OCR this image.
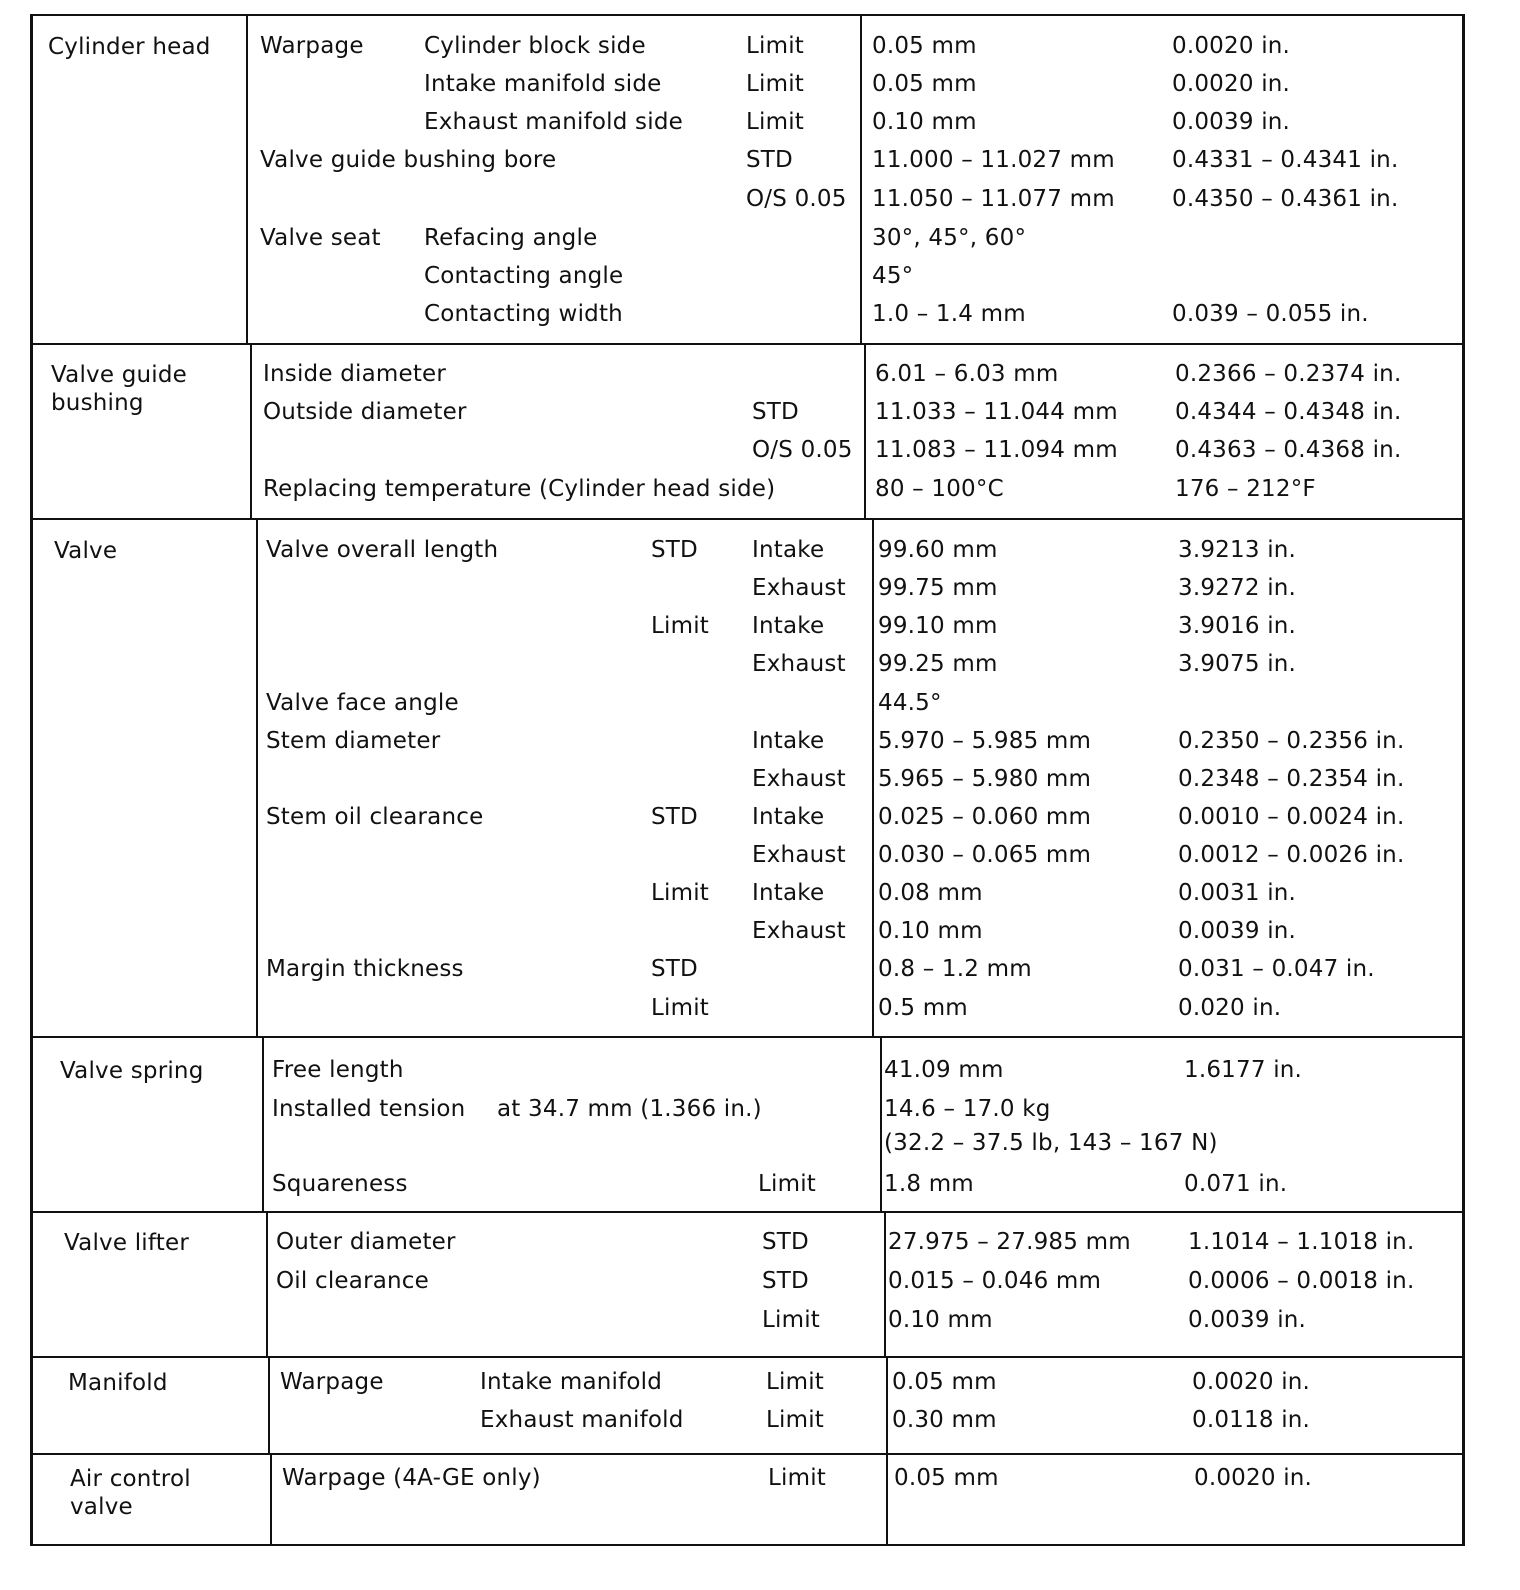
Cylinder head Warpage	Cylinder block side	Limit	0.05 mm	0.0020 in.
Intake manifold side	Limit	0.05 mm	0.0020 in.
Exhaust manifold side	Limit	0.10 mm	0.0039 in.
Valve guide bushing bore	STD	11.000 – 11.027 mm 0.4331 – 0.4341 in.
O/S 0.05 11.050 – 11.077 mm 0.4350 – 0.4361 in.
Valve seat Refacing angle	30°, 45°, 60°
Contacting angle	45°
Contacting width	1.0 – 1.4 mm	0.039 – 0.055 in.
Valve guide
bushing
Inside diameter	6.01 – 6.03 mm	0.2366 – 0.2374 in.
Outside diameter	STD	11.033 – 11.044 mm 0.4344 – 0.4348 in.
O/S 0.05 11.083 – 11.094 mm 0.4363 – 0.4368 in.
Replacing temperature (Cylinder head side)	80 – 100°C	176 – 212°F
Valve	Valve overall length	STD Intake 99.60 mm	3.9213 in.
Exhaust 99.75 mm	3.9272 in.
Limit Intake 99.10 mm	3.9016 in.
Exhaust 99.25 mm	3.9075 in.
Valve face angle	44.5°
Stem diameter	Intake 5.970 – 5.985 mm	0.2350 – 0.2356 in.
Exhaust 5.965 – 5.980 mm	0.2348 – 0.2354 in.
Stem oil clearance	STD Intake 0.025 – 0.060 mm	0.0010 – 0.0024 in.
Exhaust 0.030 – 0.065 mm	0.0012 – 0.0026 in.
Limit Intake 0.08 mm	0.0031 in.
Exhaust 0.10 mm	0.0039 in.
Margin thickness	STD	0.8 – 1.2 mm	0.031 – 0.047 in.
Limit	0.5 mm	0.020 in.
Valve spring	Free length	41.09 mm	1.6177 in.
Installed tension at 34.7 mm (1.366 in.)	14.6 – 17.0 kg
(32.2 – 37.5 lb, 143 – 167 N)
Squareness	Limit	1.8 mm	0.071 in.
Valve lifter	Outer diameter	STD	27.975 – 27.985 mm 1.1014 – 1.1018 in.
Oil clearance	STD	0.015 – 0.046 mm	0.0006 – 0.0018 in.
Limit	0.10 mm	0.0039 in.
Manifold	Warpage	Intake manifold	Limit	0.05 mm	0.0020 in.
Exhaust manifold	Limit	0.30 mm	0.0118 in.
Air control
valve
Warpage (4A-GE only)	Limit	0.05 mm	0.0020 in.
